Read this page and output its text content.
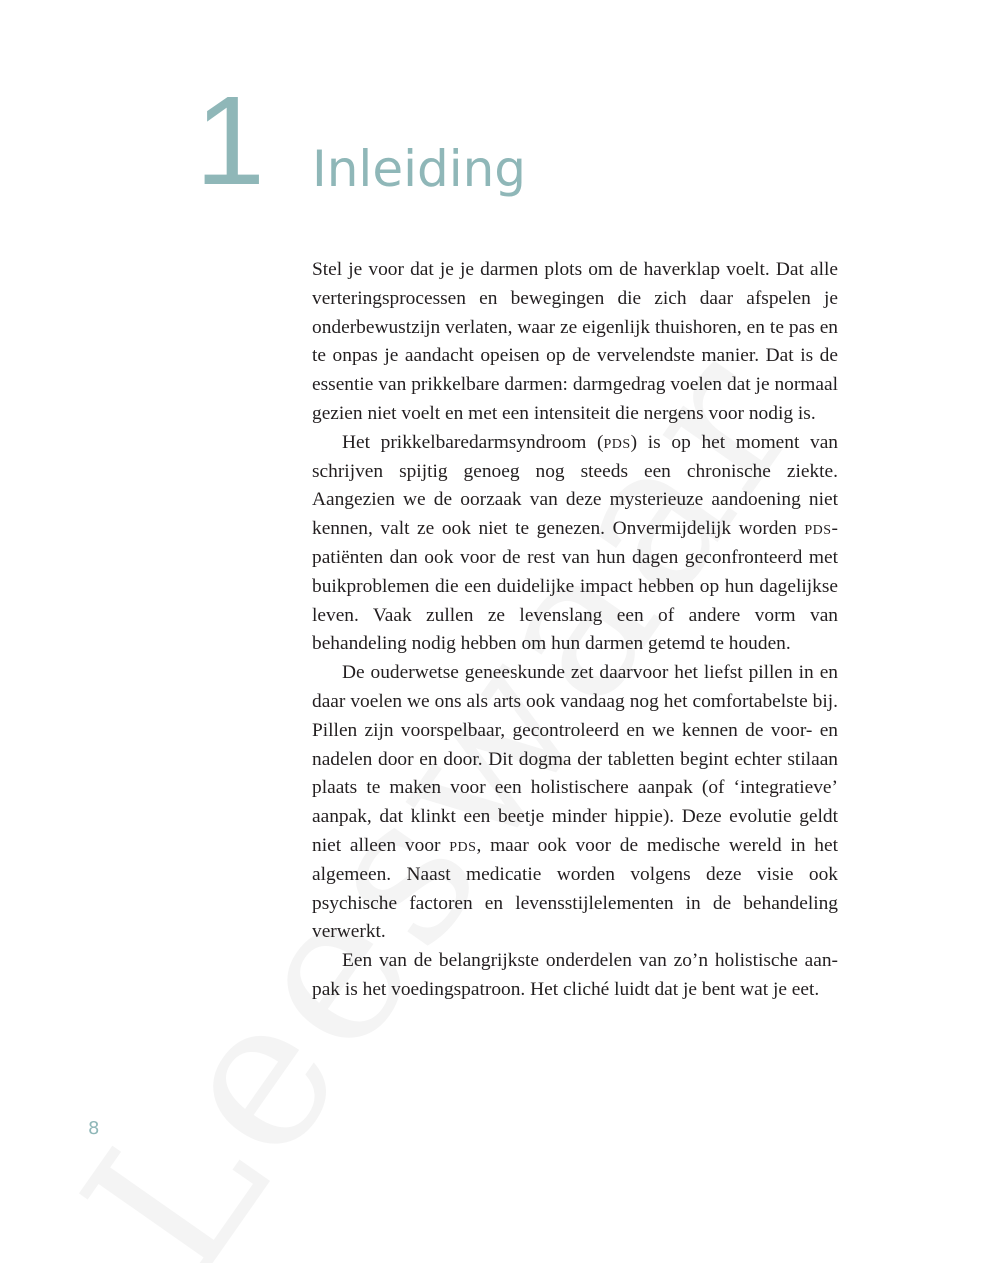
1 Inleiding

Stel je voor dat je je darmen plots om de haverklap voelt. Dat alle verteringsprocessen en bewegingen die zich daar afspelen je onderbewustzijn verlaten, waar ze eigenlijk thuishoren, en te pas en te onpas je aandacht opeisen op de vervelendste manier. Dat is de essentie van prikkelbare darmen: darmgedrag voelen dat je normaal gezien niet voelt en met een intensiteit die nergens voor nodig is.

Het prikkelbaredarmsyndroom (pds) is op het moment van schrijven spijtig genoeg nog steeds een chronische ziekte. Aangezien we de oorzaak van deze mysterieuze aandoening niet kennen, valt ze ook niet te genezen. Onvermijdelijk worden pds-patiënten dan ook voor de rest van hun dagen geconfronteerd met buikproblemen die een duidelijke impact hebben op hun dagelijkse leven. Vaak zullen ze levenslang een of andere vorm van behandeling nodig hebben om hun darmen getemd te houden.

De ouderwetse geneeskunde zet daarvoor het liefst pillen in en daar voelen we ons als arts ook vandaag nog het comfortabelste bij. Pillen zijn voorspelbaar, gecontroleerd en we kennen de voor- en nadelen door en door. Dit dogma der tabletten begint echter stilaan plaats te maken voor een holistischere aanpak (of ‘integratieve’ aanpak, dat klinkt een beetje minder hippie). Deze evolutie geldt niet alleen voor pds, maar ook voor de medische wereld in het algemeen. Naast medicatie worden volgens deze visie ook psychische factoren en levensstijlelementen in de behandeling verwerkt.

Een van de belangrijkste onderdelen van zo’n holistische aanpak is het voedingspatroon. Het cliché luidt dat je bent wat je eet.

8
